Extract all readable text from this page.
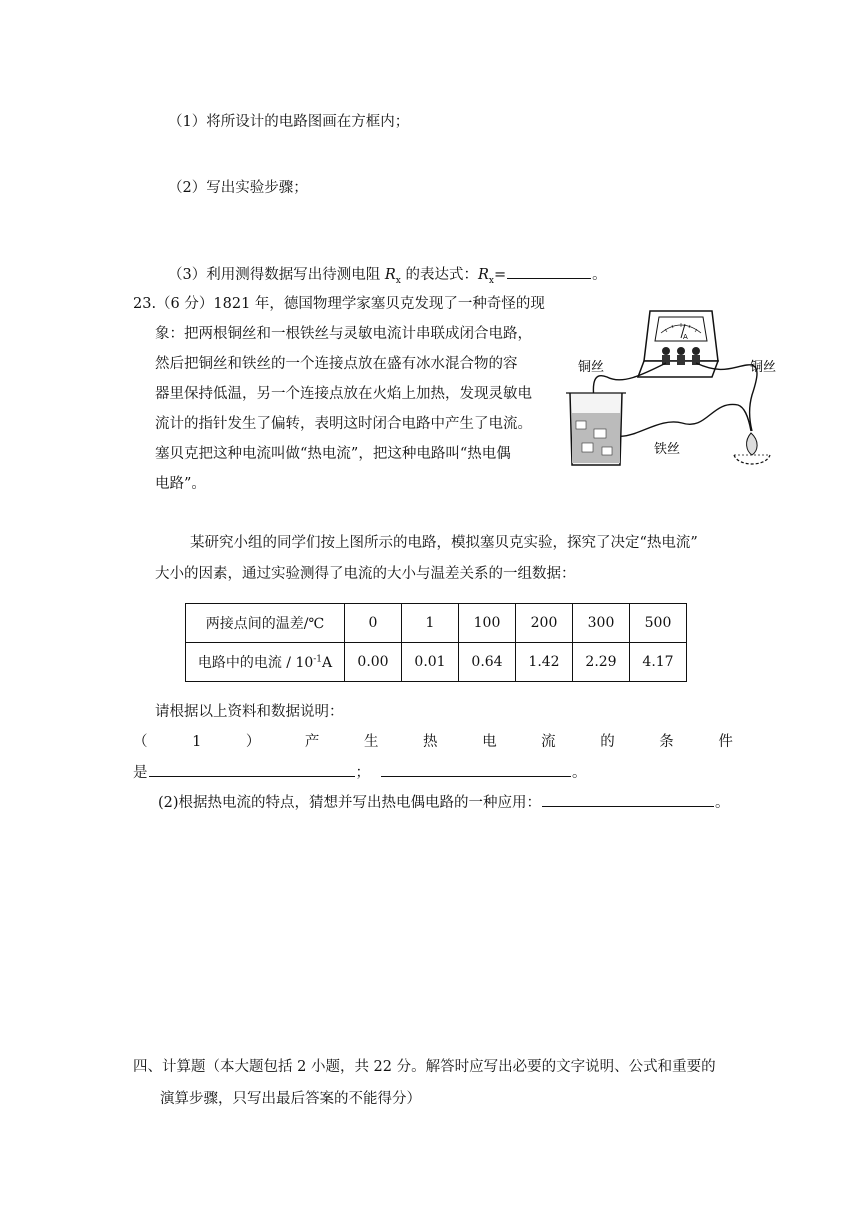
（1）将所设计的电路图画在方框内；
（2）写出实验步骤；
（3）利用测得数据写出待测电阻 $R_x$ 的表达式：$R_x=$	。
23.（6 分）1821 年，德国物理学家塞贝克发现了一种奇怪的现
象：把两根铜丝和一根铁丝与灵敏电流计串联成闭合电路，
然后把铜丝和铁丝的一个连接点放在盛有冰水混合物的容
器里保持低温，另一个连接点放在火焰上加热，发现灵敏电
流计的指针发生了偏转，表明这时闭合电路中产生了电流。
塞贝克把这种电流叫做“热电流”，把这种电路叫“热电偶
电路”。
A
铜丝	铜丝
铁丝
某研究小组的同学们按上图所示的电路，模拟塞贝克实验，探究了决定“热电流”
大小的因素，通过实验测得了电流的大小与温差关系的一组数据：
两接点间的温差/℃	0	1	100	200	300	500
电路中的电流 / $10^{-1}A$	0.00	0.01	0.64	1.42	2.29	4.17
请根据以上资料和数据说明：
（	1	）	产	生	热	电	流	的	条	件
是	；	。
(2)根据热电流的特点，猜想并写出热电偶电路的一种应用：	。
四、计算题（本大题包括 2 小题，共 22 分。解答时应写出必要的文字说明、公式和重要的
演算步骤，只写出最后答案的不能得分）
